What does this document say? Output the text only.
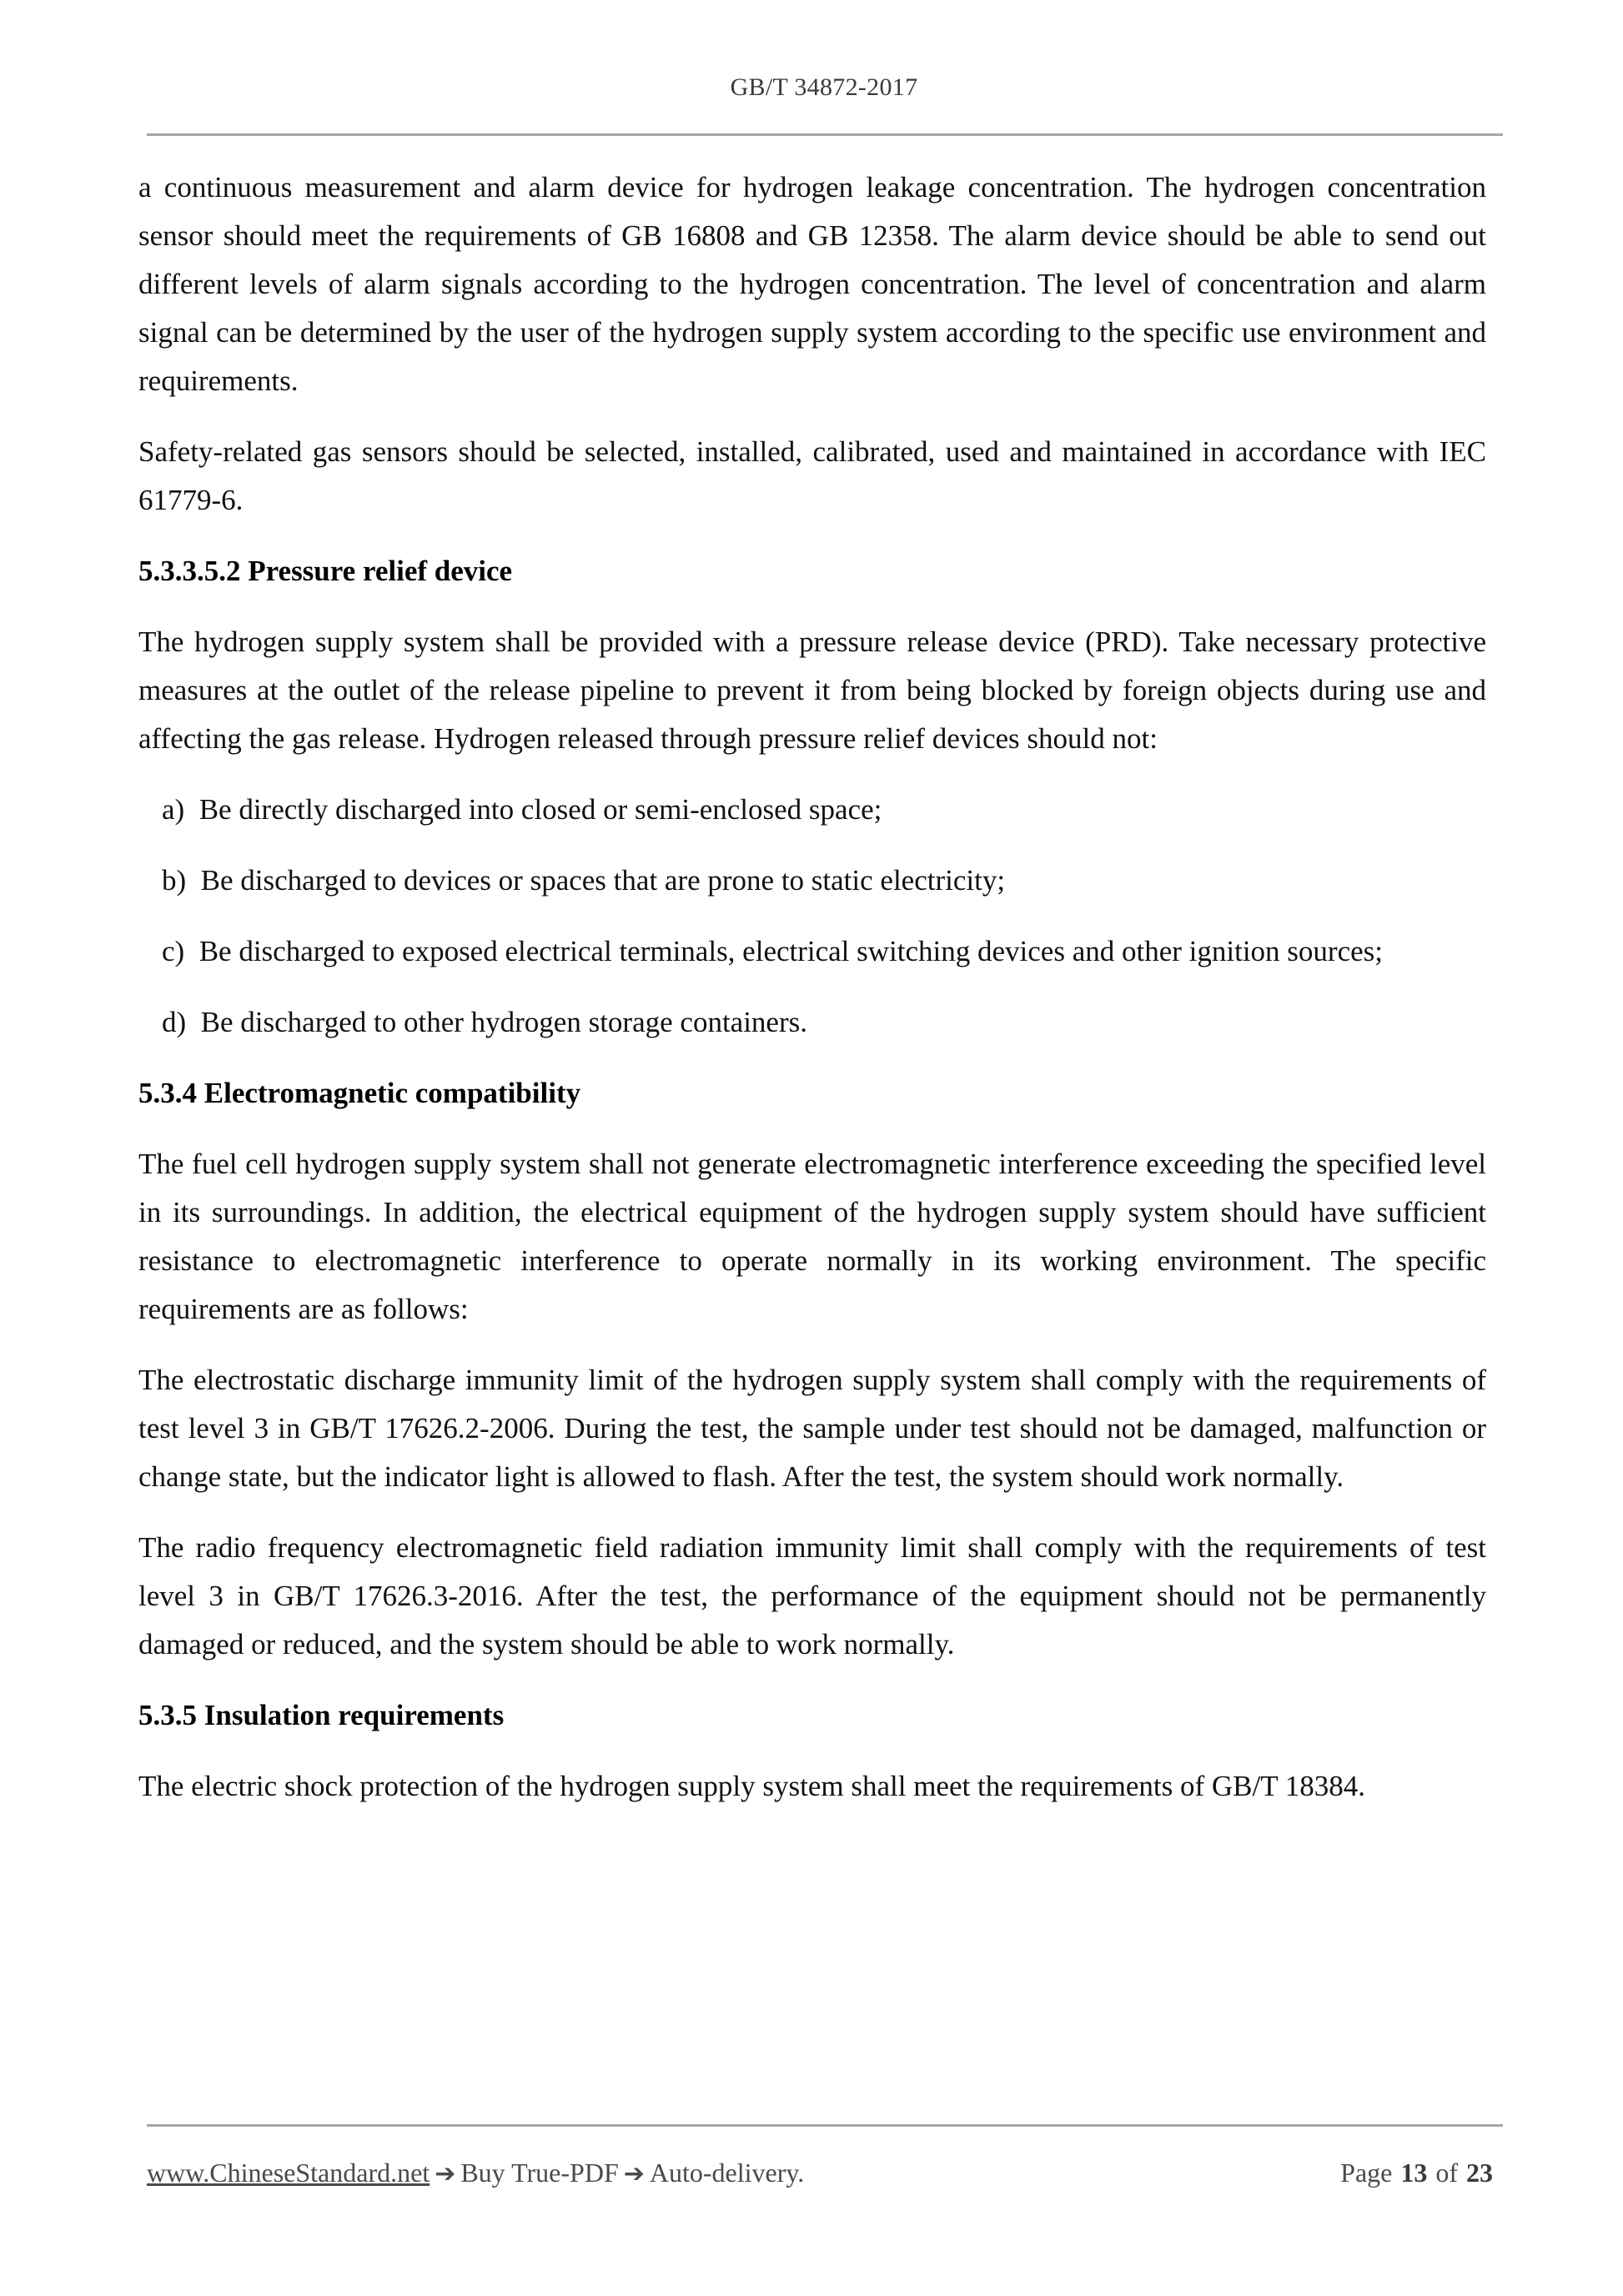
GB/T 34872-2017

a continuous measurement and alarm device for hydrogen leakage concentration. The hydrogen concentration sensor should meet the requirements of GB 16808 and GB 12358. The alarm device should be able to send out different levels of alarm signals according to the hydrogen concentration. The level of concentration and alarm signal can be determined by the user of the hydrogen supply system according to the specific use environment and requirements.

Safety-related gas sensors should be selected, installed, calibrated, used and maintained in accordance with IEC 61779-6.

5.3.3.5.2 Pressure relief device

The hydrogen supply system shall be provided with a pressure release device (PRD). Take necessary protective measures at the outlet of the release pipeline to prevent it from being blocked by foreign objects during use and affecting the gas release. Hydrogen released through pressure relief devices should not:

a)  Be directly discharged into closed or semi-enclosed space;
b)  Be discharged to devices or spaces that are prone to static electricity;
c)  Be discharged to exposed electrical terminals, electrical switching devices and other ignition sources;
d)  Be discharged to other hydrogen storage containers.
5.3.4 Electromagnetic compatibility

The fuel cell hydrogen supply system shall not generate electromagnetic interference exceeding the specified level in its surroundings. In addition, the electrical equipment of the hydrogen supply system should have sufficient resistance to electromagnetic interference to operate normally in its working environment. The specific requirements are as follows:

The electrostatic discharge immunity limit of the hydrogen supply system shall comply with the requirements of test level 3 in GB/T 17626.2-2006. During the test, the sample under test should not be damaged, malfunction or change state, but the indicator light is allowed to flash. After the test, the system should work normally.

The radio frequency electromagnetic field radiation immunity limit shall comply with the requirements of test level 3 in GB/T 17626.3-2016. After the test, the performance of the equipment should not be permanently damaged or reduced, and the system should be able to work normally.

5.3.5 Insulation requirements

The electric shock protection of the hydrogen supply system shall meet the requirements of GB/T 18384.

www.ChineseStandard.net ➔ Buy True-PDF ➔ Auto-delivery.	Page 13 of 23
